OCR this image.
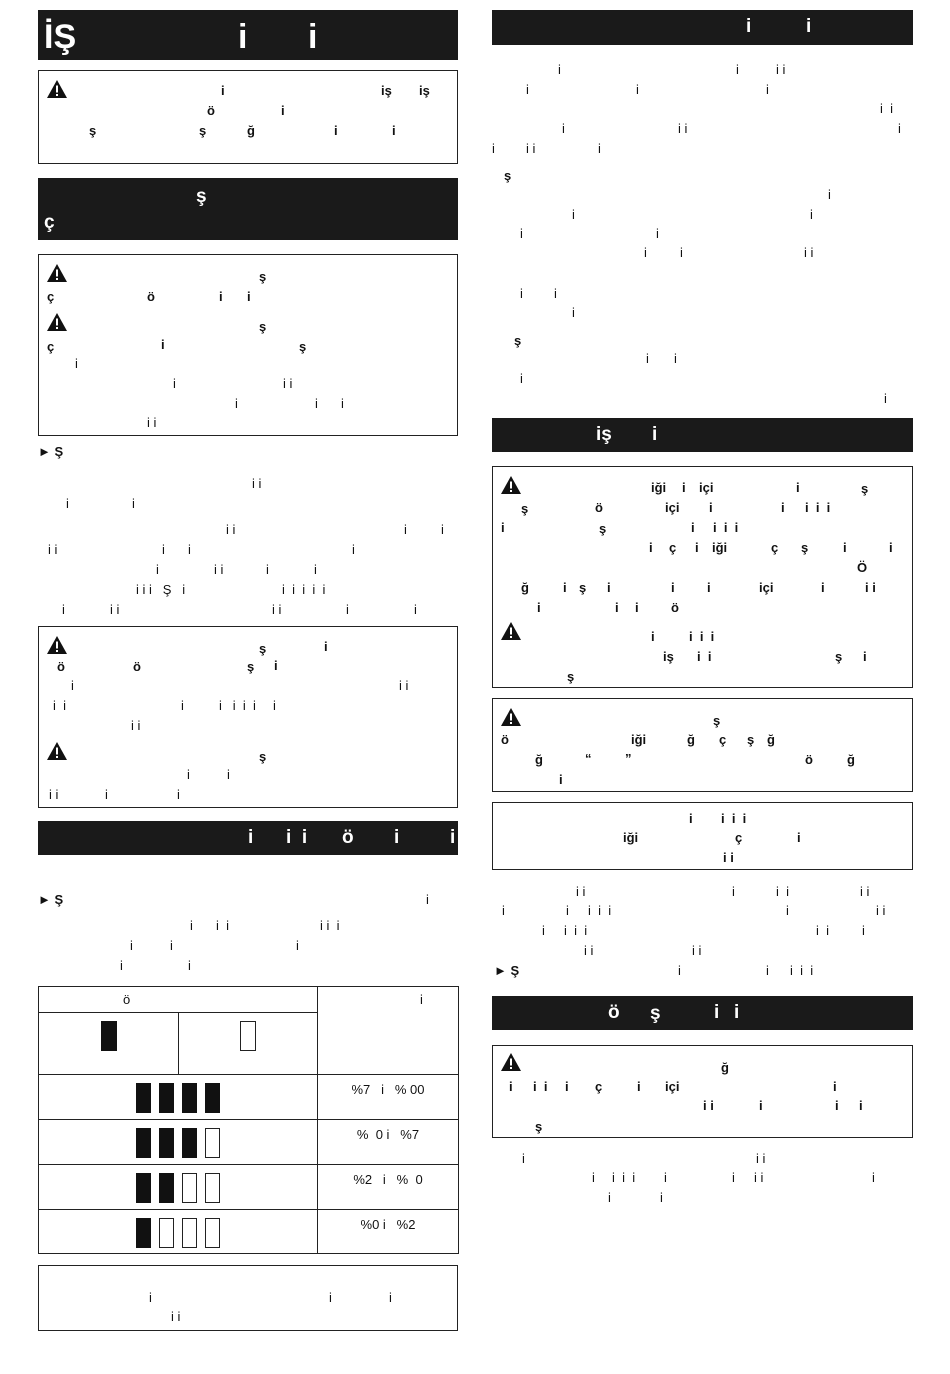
İŞ	i i
i	iş iş
ö	i
ş	ş	ğ	i	i
ş
ç
ş
ç	ö	i i
ş
ç	i	ş
i
i	i i
i	i i
i i
► Ş
i i
i	i
i i	i	i
i i	i i	i
i	i i	i	i
i i i   Ş   i	i  i  i  i  i
i	i i	i i	i	i
ş	i
ö	ö	ş i
i	i i
i  i	i	i   i  i  i i
i i
ş
i	i
i i	i	i
i i  i ö i	i
► Ş	i
i i  i	i i  i
i	i	i
i	i
ö		i

		%7   i   % 00

		%  0 i   %7

		%2   i   %  0

		%0 i   %2
i	i	i
i i
i	i
i	i	i i
i	i	i
i  i
i	i i	i
i i i	i
ş
i
i	i
i	i
i	i	i i
i i
i
ş
i i
i
i
iş i
iği i içi	i	ş
ş	ö	içi i	i i  i  i
i	ş	i i  i  i
i ç i iği	ç ş	i	i
Ö
ğ	i ş i	i i	içi	i	i i
i	i i ö
i	i  i  i
iş i  i	ş i
ş
ş
ö	iği	ğ ç ş ğ
ğ	“	”	ö	ğ
i
i i  i  i
iği	ç	i
i i
i i	i	i  i	i i
i	i i  i  i	i	i i
i i  i  i	i  i	i
i i	i i
► Ş	i	i i  i  i
ö ş	i i
ğ
i i  i i ç	i içi	i
i i	i	i i
ş
i	i i
i i  i  i i	i i i	i
i	i
